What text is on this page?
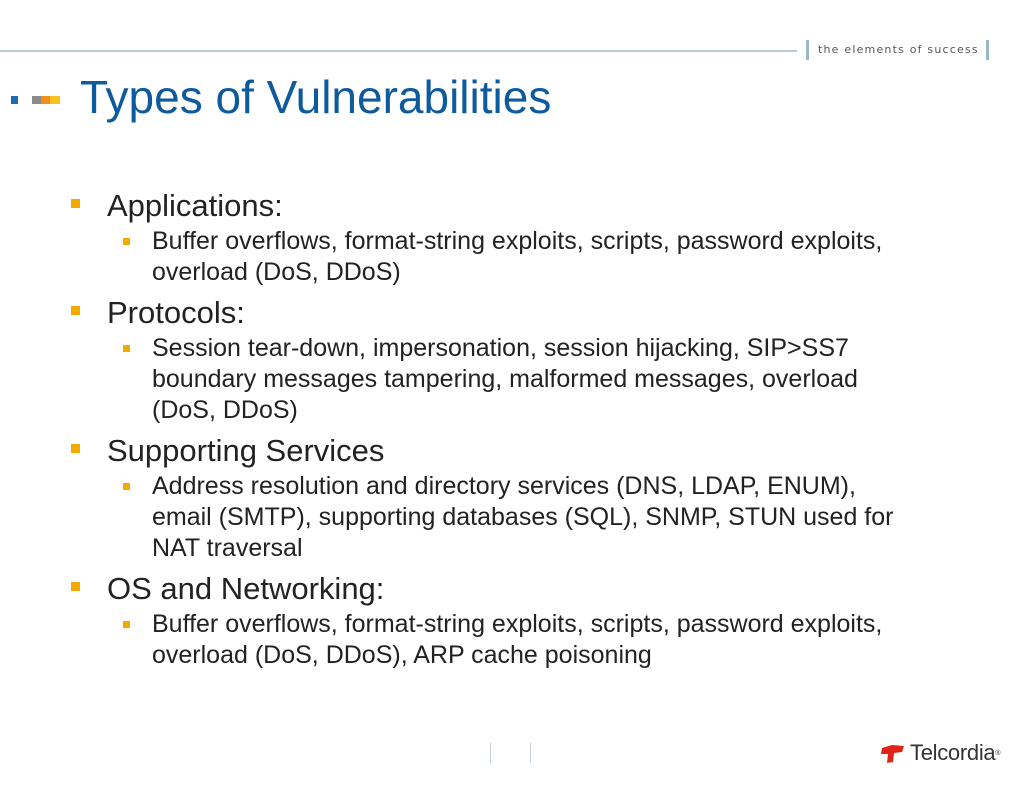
the elements of success
Types of Vulnerabilities
Applications:
Buffer overflows, format-string exploits, scripts, password exploits, overload (DoS, DDoS)
Protocols:
Session tear-down, impersonation, session hijacking, SIP>SS7 boundary messages tampering, malformed messages, overload (DoS, DDoS)
Supporting Services
Address resolution and directory services (DNS, LDAP, ENUM), email (SMTP), supporting databases (SQL), SNMP, STUN used for NAT traversal
OS and Networking:
Buffer overflows, format-string exploits, scripts, password exploits, overload (DoS, DDoS), ARP cache poisoning
Telcordia ®
